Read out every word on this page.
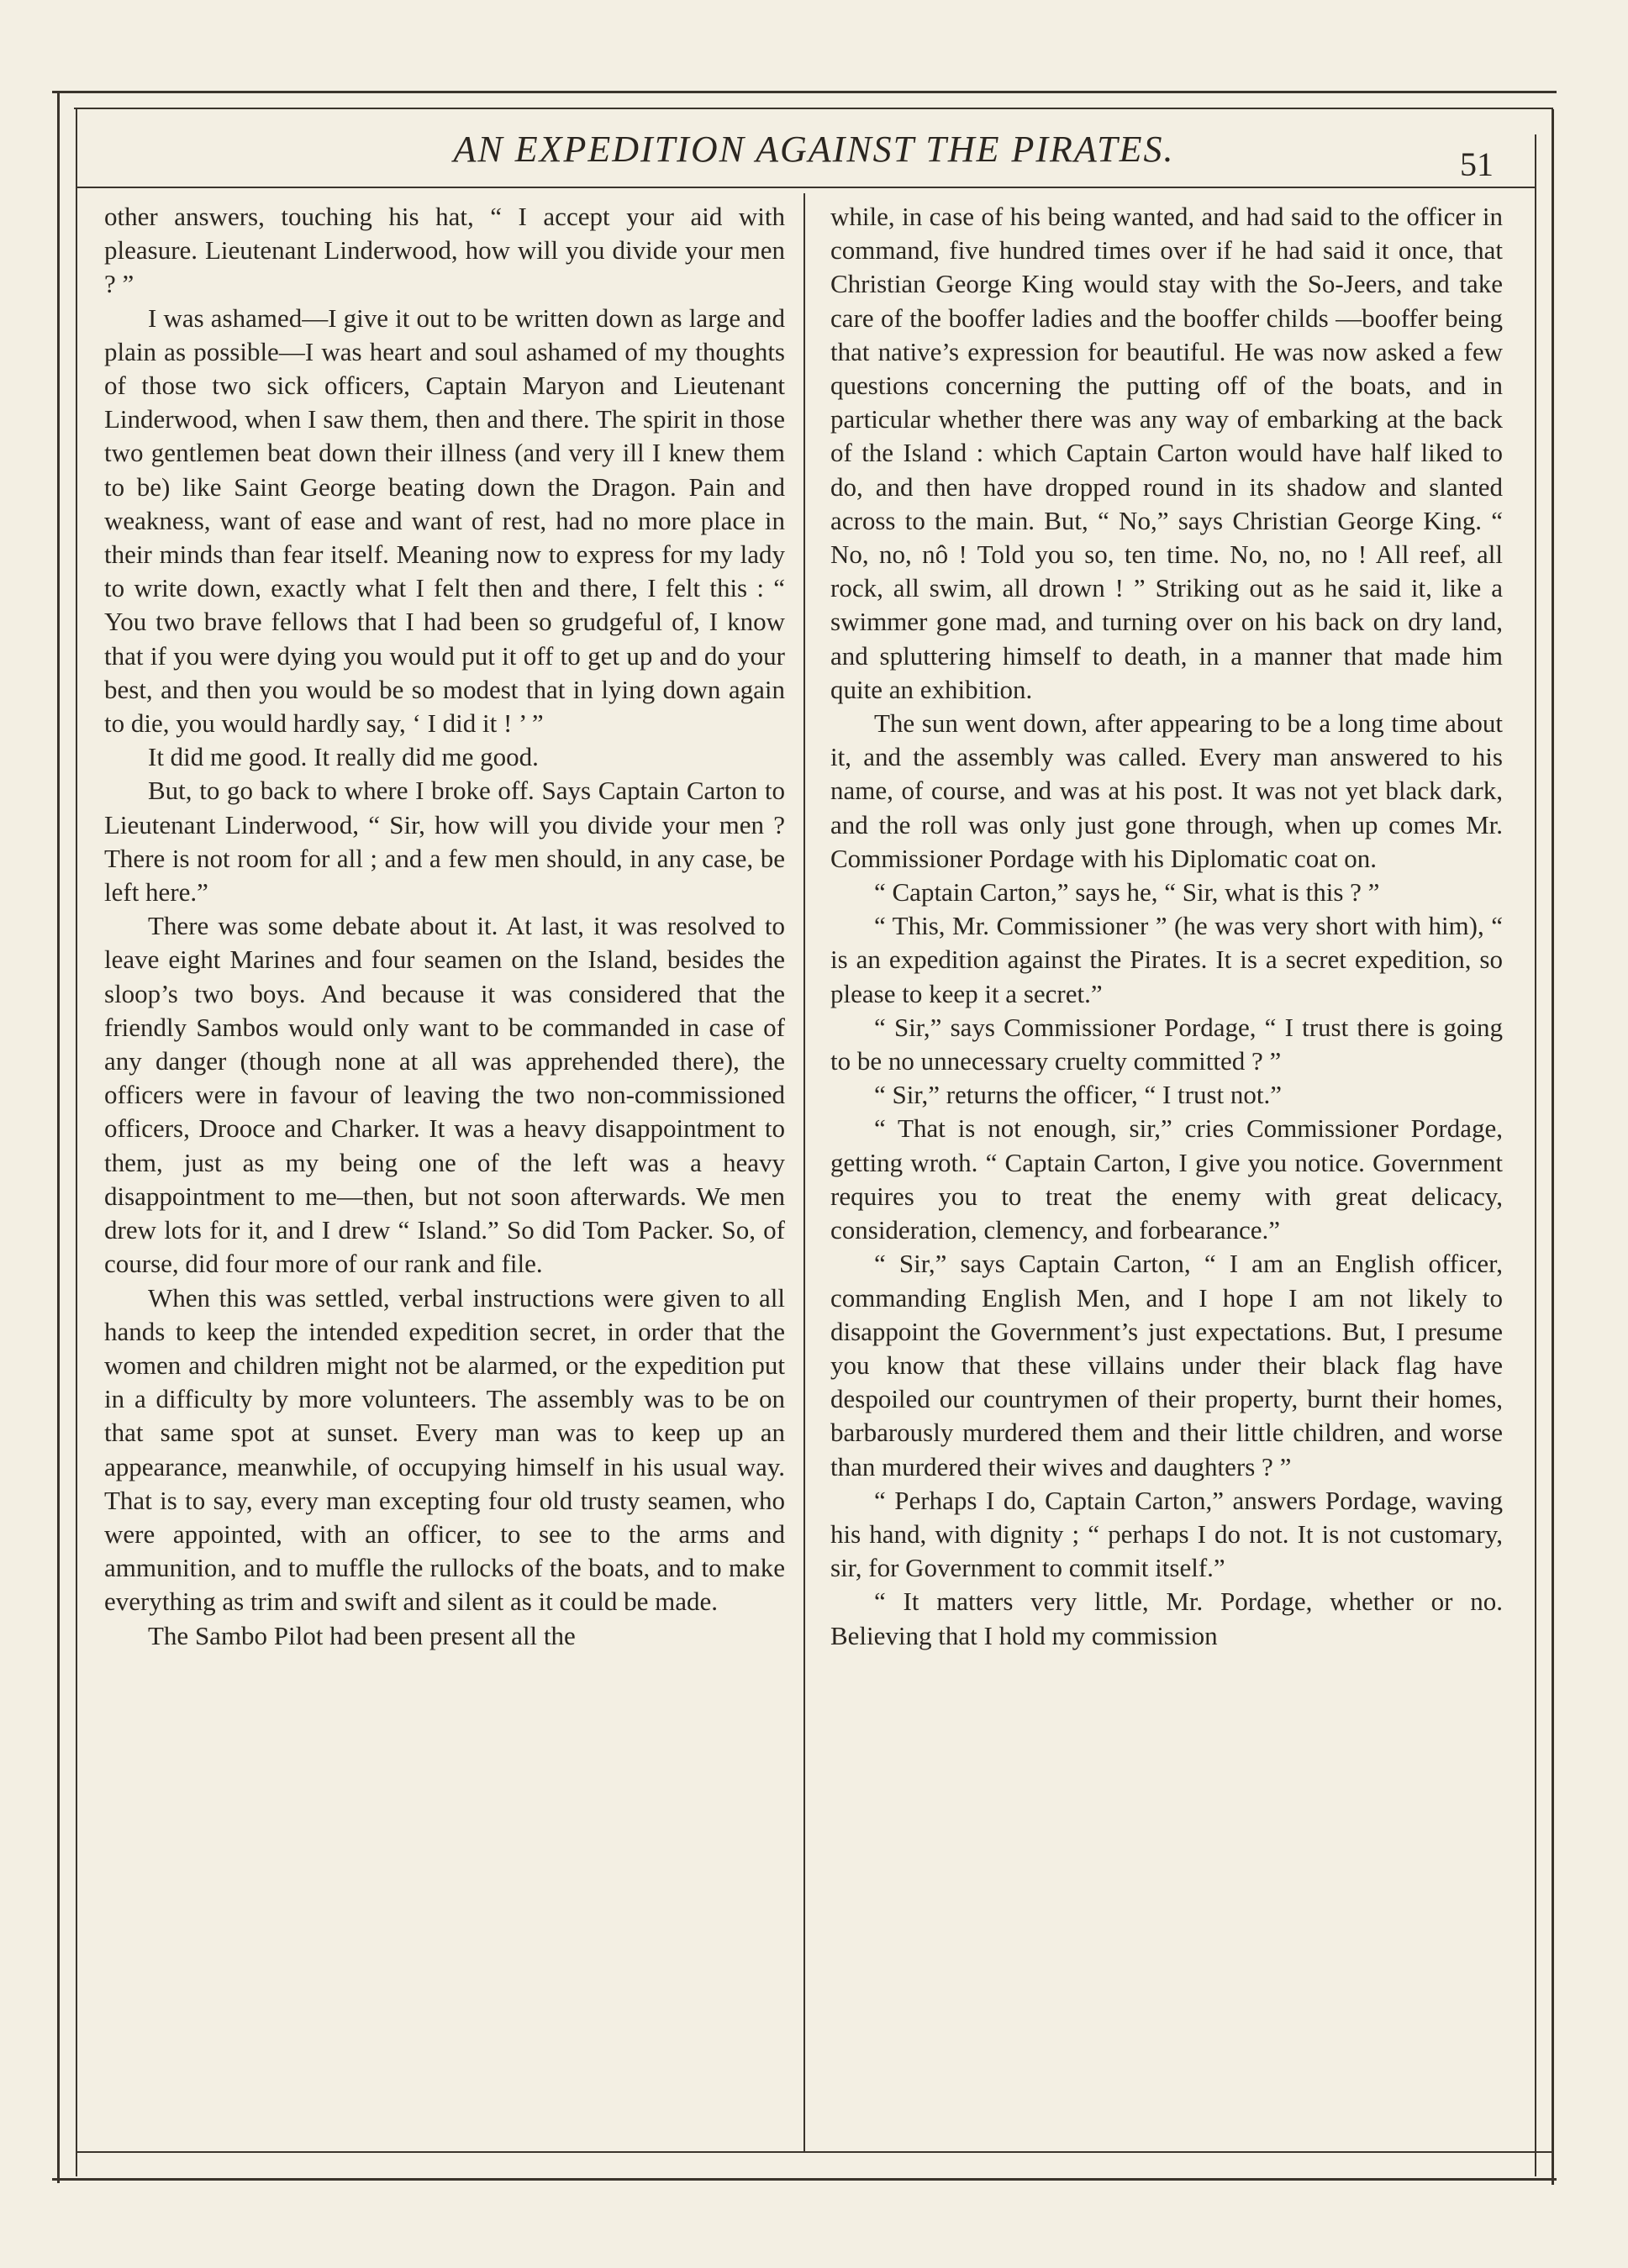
AN EXPEDITION AGAINST THE PIRATES.	51

other answers, touching his hat, “ I accept your aid with pleasure. Lieutenant Linderwood, how will you divide your men ? ”

I was ashamed—I give it out to be written down as large and plain as possible—I was heart and soul ashamed of my thoughts of those two sick officers, Captain Maryon and Lieutenant Linderwood, when I saw them, then and there. The spirit in those two gentlemen beat down their illness (and very ill I knew them to be) like Saint George beating down the Dragon. Pain and weakness, want of ease and want of rest, had no more place in their minds than fear itself. Meaning now to express for my lady to write down, exactly what I felt then and there, I felt this : “ You two brave fellows that I had been so grudgeful of, I know that if you were dying you would put it off to get up and do your best, and then you would be so modest that in lying down again to die, you would hardly say, ‘ I did it ! ’ ”

It did me good. It really did me good.

But, to go back to where I broke off. Says Captain Carton to Lieutenant Linderwood, “ Sir, how will you divide your men ? There is not room for all ; and a few men should, in any case, be left here.”

There was some debate about it. At last, it was resolved to leave eight Marines and four seamen on the Island, besides the sloop’s two boys. And because it was considered that the friendly Sambos would only want to be commanded in case of any danger (though none at all was apprehended there), the officers were in favour of leaving the two non-commissioned officers, Drooce and Charker. It was a heavy disappointment to them, just as my being one of the left was a heavy disappointment to me—then, but not soon afterwards. We men drew lots for it, and I drew “ Island.” So did Tom Packer. So, of course, did four more of our rank and file.

When this was settled, verbal instructions were given to all hands to keep the intended expedition secret, in order that the women and children might not be alarmed, or the expedition put in a difficulty by more volunteers. The assembly was to be on that same spot at sunset. Every man was to keep up an appearance, meanwhile, of occupying himself in his usual way. That is to say, every man excepting four old trusty seamen, who were appointed, with an officer, to see to the arms and ammunition, and to muffle the rullocks of the boats, and to make everything as trim and swift and silent as it could be made.

The Sambo Pilot had been present all the

while, in case of his being wanted, and had said to the officer in command, five hundred times over if he had said it once, that Christian George King would stay with the So-Jeers, and take care of the booffer ladies and the booffer childs —booffer being that native’s expression for beautiful. He was now asked a few questions concerning the putting off of the boats, and in particular whether there was any way of embarking at the back of the Island : which Captain Carton would have half liked to do, and then have dropped round in its shadow and slanted across to the main. But, “ No,” says Christian George King. “ No, no, nô ! Told you so, ten time. No, no, no ! All reef, all rock, all swim, all drown ! ” Striking out as he said it, like a swimmer gone mad, and turning over on his back on dry land, and spluttering himself to death, in a manner that made him quite an exhibition.

The sun went down, after appearing to be a long time about it, and the assembly was called. Every man answered to his name, of course, and was at his post. It was not yet black dark, and the roll was only just gone through, when up comes Mr. Commissioner Pordage with his Diplomatic coat on.

“ Captain Carton,” says he, “ Sir, what is this ? ”

“ This, Mr. Commissioner ” (he was very short with him), “ is an expedition against the Pirates. It is a secret expedition, so please to keep it a secret.”

“ Sir,” says Commissioner Pordage, “ I trust there is going to be no unnecessary cruelty committed ? ”

“ Sir,” returns the officer, “ I trust not.”

“ That is not enough, sir,” cries Commissioner Pordage, getting wroth. “ Captain Carton, I give you notice. Government requires you to treat the enemy with great delicacy, consideration, clemency, and forbearance.”

“ Sir,” says Captain Carton, “ I am an English officer, commanding English Men, and I hope I am not likely to disappoint the Government’s just expectations. But, I presume you know that these villains under their black flag have despoiled our countrymen of their property, burnt their homes, barbarously murdered them and their little children, and worse than murdered their wives and daughters ? ”

“ Perhaps I do, Captain Carton,” answers Pordage, waving his hand, with dignity ; “ perhaps I do not. It is not customary, sir, for Government to commit itself.”

“ It matters very little, Mr. Pordage, whether or no. Believing that I hold my commission
